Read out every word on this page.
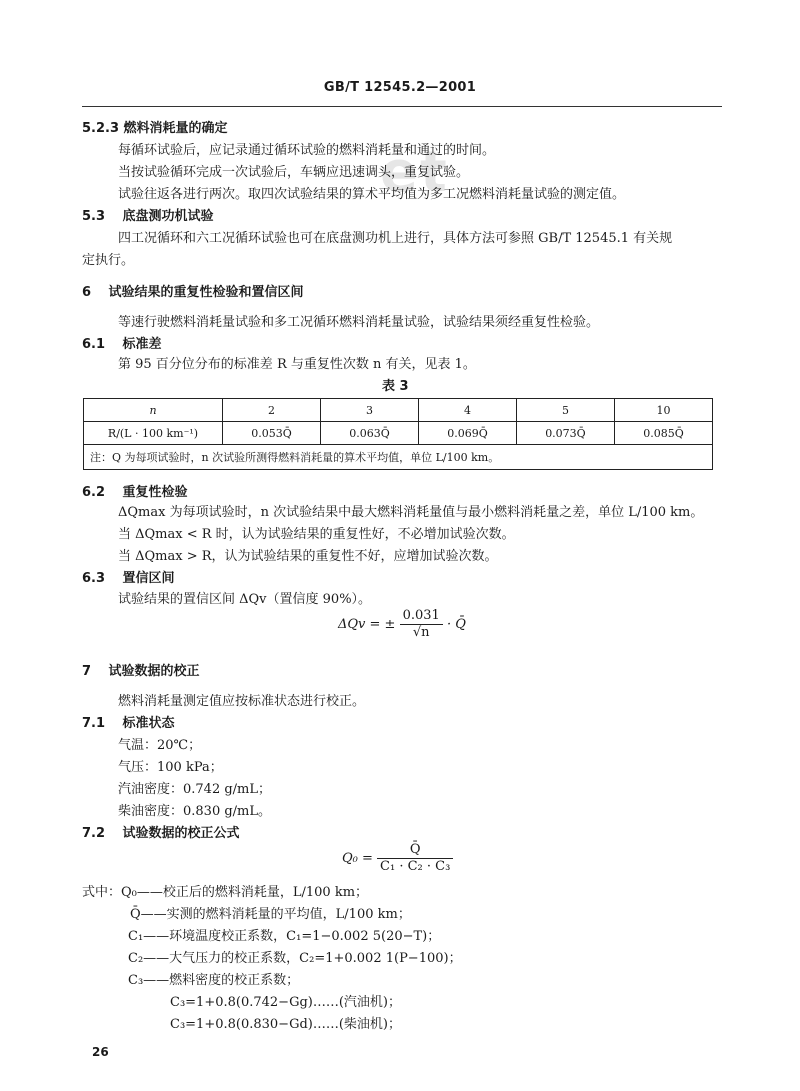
GB/T 12545.2—2001
et
5.2.3 燃料消耗量的确定
每循环试验后，应记录通过循环试验的燃料消耗量和通过的时间。
当按试验循环完成一次试验后，车辆应迅速调头，重复试验。
试验往返各进行两次。取四次试验结果的算术平均值为多工况燃料消耗量试验的测定值。
5.3 底盘测功机试验
四工况循环和六工况循环试验也可在底盘测功机上进行，具体方法可参照 GB/T 12545.1 有关规
定执行。
6 试验结果的重复性检验和置信区间
等速行驶燃料消耗量试验和多工况循环燃料消耗量试验，试验结果须经重复性检验。
6.1 标准差
第 95 百分位分布的标准差 R 与重复性次数 n 有关，见表 1。
表 3
n	2	3	4	5	10
R/(L · 100 km⁻¹)	0.053Q̄	0.063Q̄	0.069Q̄	0.073Q̄	0.085Q̄
注：Q 为每项试验时，n 次试验所测得燃料消耗量的算术平均值，单位 L/100 km。					
6.2 重复性检验
ΔQmax 为每项试验时，n 次试验结果中最大燃料消耗量值与最小燃料消耗量之差，单位 L/100 km。
当 ΔQmax < R 时，认为试验结果的重复性好，不必增加试验次数。
当 ΔQmax > R，认为试验结果的重复性不好，应增加试验次数。
6.3 置信区间
试验结果的置信区间 ΔQv（置信度 90%）。
ΔQv = ± $\frac{0.031}{√n}$ · Q̄
7 试验数据的校正
燃料消耗量测定值应按标准状态进行校正。
7.1 标准状态
气温：20℃；
气压：100 kPa；
汽油密度：0.742 g/mL；
柴油密度：0.830 g/mL。
7.2 试验数据的校正公式
$Q_0 = \frac{Q̄}{\text{C₁ · C₂ · C₃}}$
式中：Q₀——校正后的燃料消耗量，L/100 km；
Q̄——实测的燃料消耗量的平均值，L/100 km；
C₁——环境温度校正系数，C₁=1−0.002 5(20−T)；
C₂——大气压力的校正系数，C₂=1+0.002 1(P−100)；
C₃——燃料密度的校正系数；
C₃=1+0.8(0.742−Gg)……(汽油机)；
C₃=1+0.8(0.830−Gd)……(柴油机)；
26
